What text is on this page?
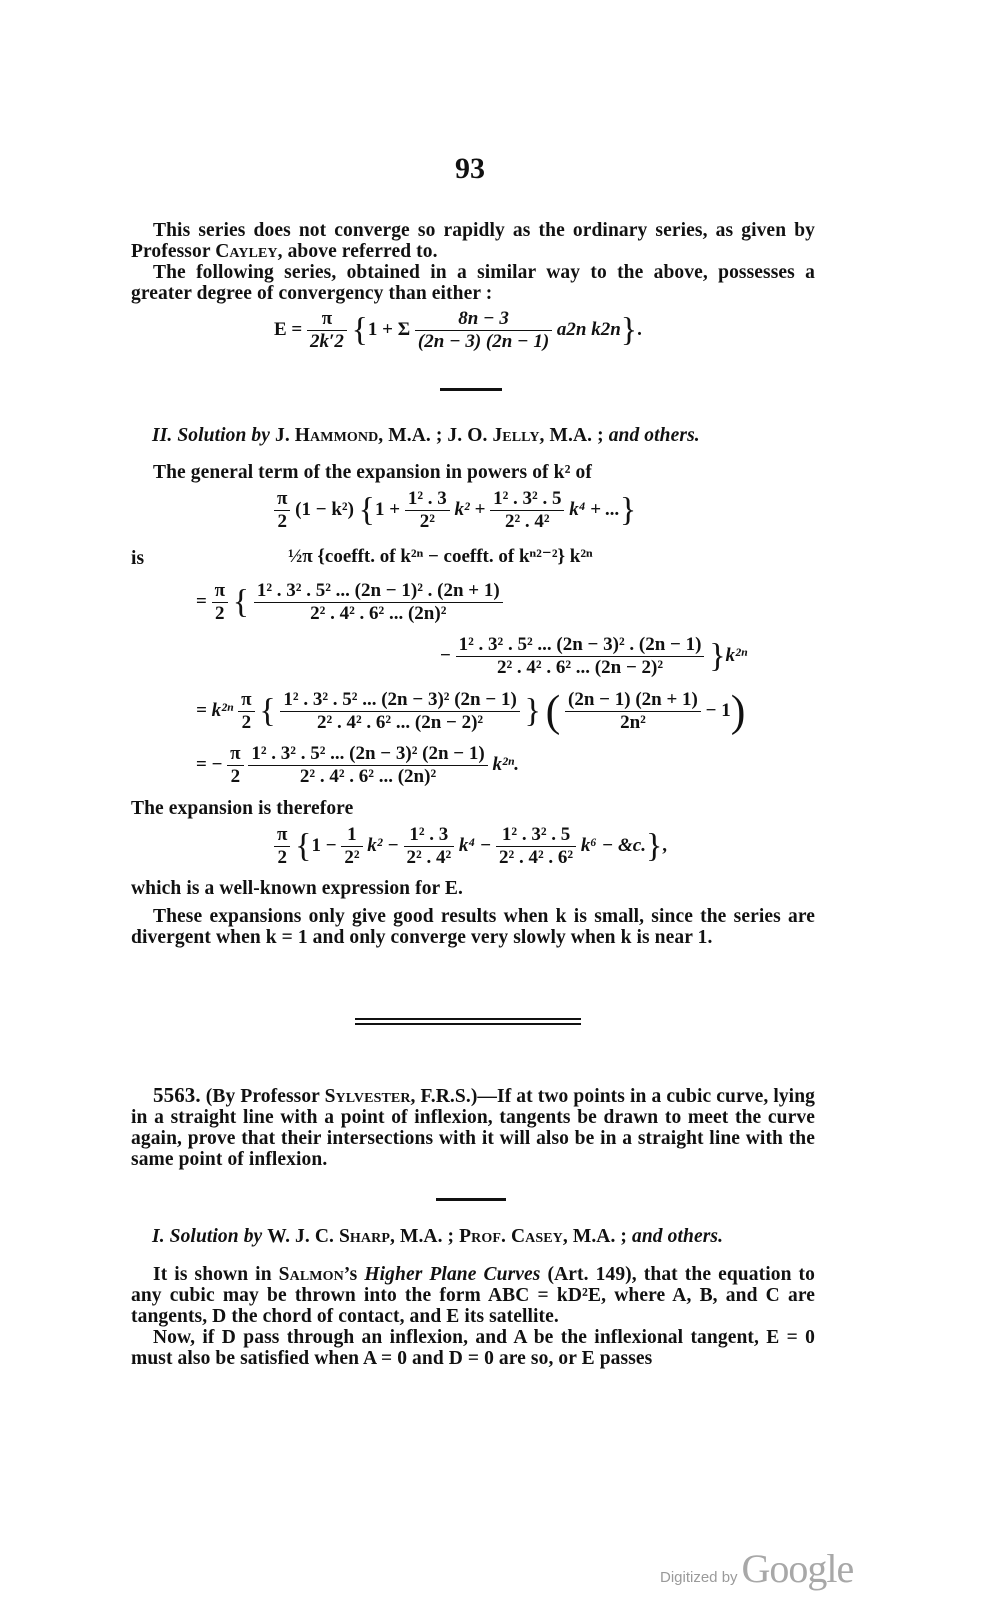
93

This series does not converge so rapidly as the ordinary series, as given by Professor Cayley, above referred to.

The following series, obtained in a similar way to the above, possesses a greater degree of convergency than either :

$E = \frac{\pi}{2k'2} \{1 + \Sigma \frac{8n - 3}{(2n - 3) (2n - 1)} a2n$ k2n}.

II. Solution by J. Hammond, M.A. ; J. O. Jelly, M.A. ; and others.

The general term of the expansion in powers of k² of

$\frac{\pi}{2} (1 - k^2) \{1 + \frac{\text{1² . 3}}{\text{2²}} k^2 + \frac{\text{1² . 3² . 5}}{\text{2² . 4²}} k^4$ + ...}
is	½π {coefft. of k²ⁿ − coefft. of kⁿ²⁻²} k²ⁿ
= $\frac{\pi}{2}$ { $\frac{\text{1² . 3² . 5² ... (2n − 1)² . (2n + 1)}}{\text{2² . 4² . 6² ... (2n)²}}$
− $\frac{\text{1² . 3² . 5² ... (2n − 3)² . (2n − 1)}}{\text{2² . 4² . 6² ... (2n − 2)²}} \}k^{2n}$
= $k^{2n} \frac{\pi}{2}$ { $\frac{\text{1² . 3² . 5² ... (2n − 3)² (2n − 1)}}{\text{2² . 4² . 6² ... (2n − 2)²}}$ } ( $\frac{(2n - 1) (2n + 1)}{\text{2n²}} - 1$)
= − $\frac{\pi}{2}$
$\frac{\text{1² . 3² . 5² ... (2n − 3)² (2n − 1)}}{\text{2² . 4² . 6² ... (2n)²}} k^{2n}$.

The expansion is therefore

$\frac{\pi}{2} \{1 - \frac{1}{\text{2²}} k^2 - \frac{\text{1² . 3}}{\text{2² . 4²}} k^4 - \frac{\text{1² . 3² . 5}}{\text{2² . 4² . 6²}} k^6$ − &c.},

which is a well-known expression for E.

These expansions only give good results when k is small, since the series are divergent when k = 1 and only converge very slowly when k is near 1.

5563. (By Professor Sylvester, F.R.S.)—If at two points in a cubic curve, lying in a straight line with a point of inflexion, tangents be drawn to meet the curve again, prove that their intersections with it will also be in a straight line with the same point of inflexion.

I. Solution by W. J. C. Sharp, M.A. ; Prof. Casey, M.A. ; and others.

It is shown in Salmon’s Higher Plane Curves (Art. 149), that the equation to any cubic may be thrown into the form ABC = kD²E, where A, B, and C are tangents, D the chord of contact, and E its satellite.

Now, if D pass through an inflexion, and A be the inflexional tangent, E = 0 must also be satisfied when A = 0 and D = 0 are so, or E passes

Digitized by Google
